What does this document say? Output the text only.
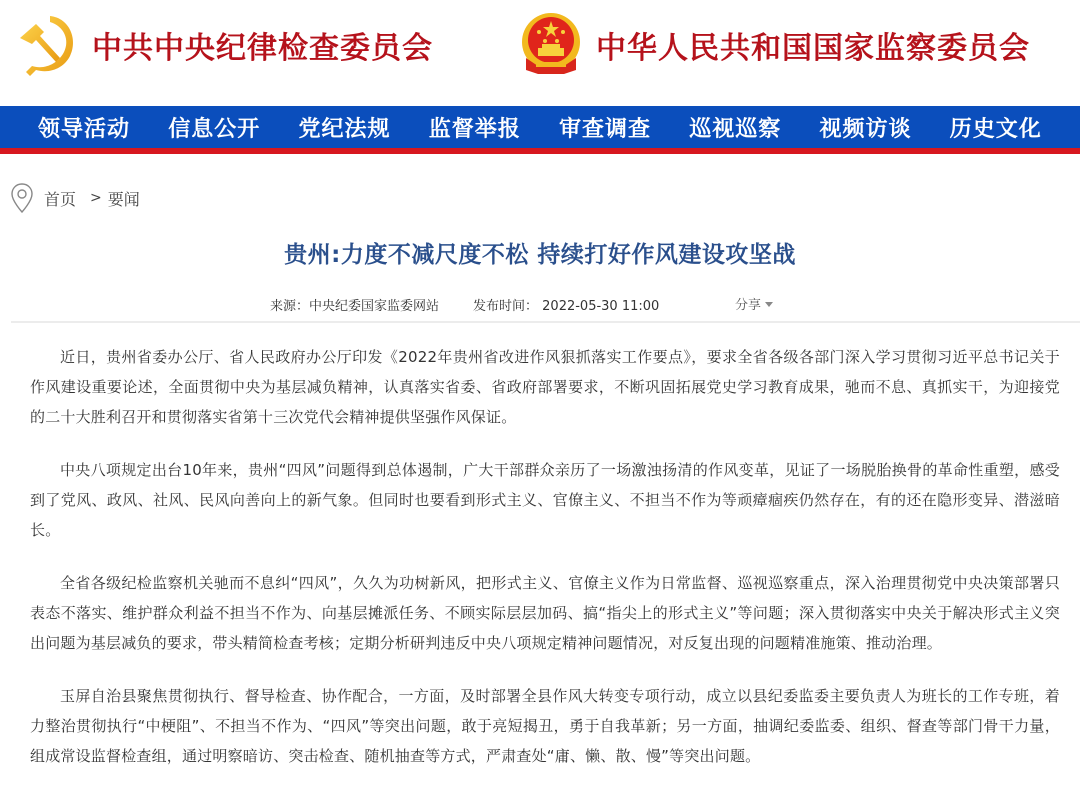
中共中央纪律检查委员会	中华人民共和国国家监察委员会
领导活动	信息公开	党纪法规	监督举报	审查调查	巡视巡察	视频访谈	历史文化
首页 > 要闻
贵州:力度不减尺度不松 持续打好作风建设攻坚战
来源：中央纪委国家监委网站	发布时间： 2022-05-30 11:00	分享

近日，贵州省委办公厅、省人民政府办公厅印发《2022年贵州省改进作风狠抓落实工作要点》，要求全省各级各部门深入学习贯彻习近平总书记关于作风建设重要论述，全面贯彻中央为基层减负精神，认真落实省委、省政府部署要求，不断巩固拓展党史学习教育成果，驰而不息、真抓实干，为迎接党的二十大胜利召开和贯彻落实省第十三次党代会精神提供坚强作风保证。

中央八项规定出台10年来，贵州“四风”问题得到总体遏制，广大干部群众亲历了一场激浊扬清的作风变革，见证了一场脱胎换骨的革命性重塑，感受到了党风、政风、社风、民风向善向上的新气象。但同时也要看到形式主义、官僚主义、不担当不作为等顽瘴痼疾仍然存在，有的还在隐形变异、潜滋暗长。

全省各级纪检监察机关驰而不息纠“四风”，久久为功树新风，把形式主义、官僚主义作为日常监督、巡视巡察重点，深入治理贯彻党中央决策部署只表态不落实、维护群众利益不担当不作为、向基层摊派任务、不顾实际层层加码、搞“指尖上的形式主义”等问题；深入贯彻落实中央关于解决形式主义突出问题为基层减负的要求，带头精简检查考核；定期分析研判违反中央八项规定精神问题情况，对反复出现的问题精准施策、推动治理。

玉屏自治县聚焦贯彻执行、督导检查、协作配合，一方面，及时部署全县作风大转变专项行动，成立以县纪委监委主要负责人为班长的工作专班，着力整治贯彻执行“中梗阻”、不担当不作为、“四风”等突出问题，敢于亮短揭丑，勇于自我革新；另一方面，抽调纪委监委、组织、督查等部门骨干力量，组成常设监督检查组，通过明察暗访、突击检查、随机抽查等方式，严肃查处“庸、懒、散、慢”等突出问题。
